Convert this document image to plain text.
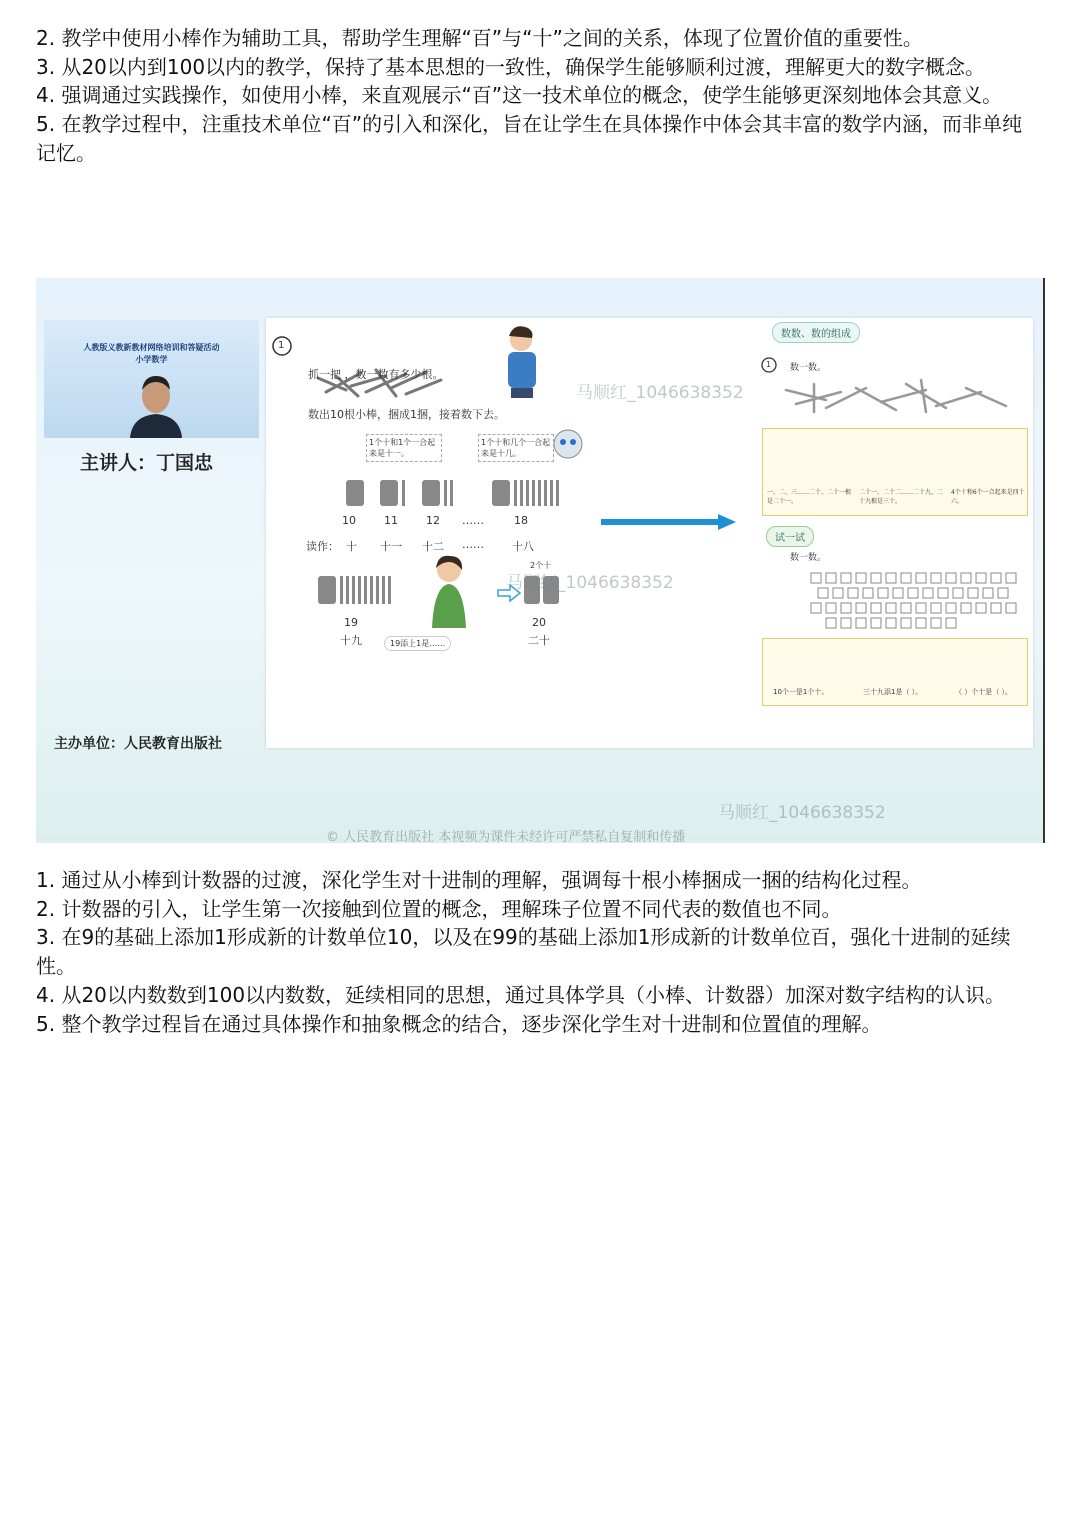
2. 教学中使用小棒作为辅助工具，帮助学生理解“百”与“十”之间的关系，体现了位置价值的重要性。

3. 从20以内到100以内的教学，保持了基本思想的一致性，确保学生能够顺利过渡，理解更大的数字概念。

4. 强调通过实践操作，如使用小棒，来直观展示“百”这一技术单位的概念，使学生能够更深刻地体会其意义。

5. 在教学过程中，注重技术单位“百”的引入和深化，旨在让学生在具体操作中体会其丰富的数学内涵，而非单纯记忆。

人教版义教新教材网络培训和答疑活动
小学数学
主讲人：丁国忠
主办单位：人民教育出版社
抓一把 ，数一数有多少根。
1
数出10根小棒，捆成1捆，接着数下去。
1个十和1个一合起来是十一。
1个十和几个一合起来是十几。
10	11	12 ……	18
读作： 十 十一 十二 ……	十八
19
十九	19添上1是……
2个十
20
二十
数数、数的组成
1 数一数。
一、二、三……二十、二十一根是二十一。
二十一、二十二……二十九、二十九根是三十。
4个十和6个一合起来是四十六。
试一试
数一数。
10个一是1个十。	三十九添1是（ ）。	（ ）个十是（ ）。
马顺红_1046638352
马顺红_1046638352
马顺红_1046638352
© 人民教育出版社 本视频为课件未经许可严禁私自复制和传播

1. 通过从小棒到计数器的过渡，深化学生对十进制的理解，强调每十根小棒捆成一捆的结构化过程。

2. 计数器的引入，让学生第一次接触到位置的概念，理解珠子位置不同代表的数值也不同。

3. 在9的基础上添加1形成新的计数单位10，以及在99的基础上添加1形成新的计数单位百，强化十进制的延续性。

4. 从20以内数数到100以内数数，延续相同的思想，通过具体学具（小棒、计数器）加深对数字结构的认识。

5. 整个教学过程旨在通过具体操作和抽象概念的结合，逐步深化学生对十进制和位置值的理解。
